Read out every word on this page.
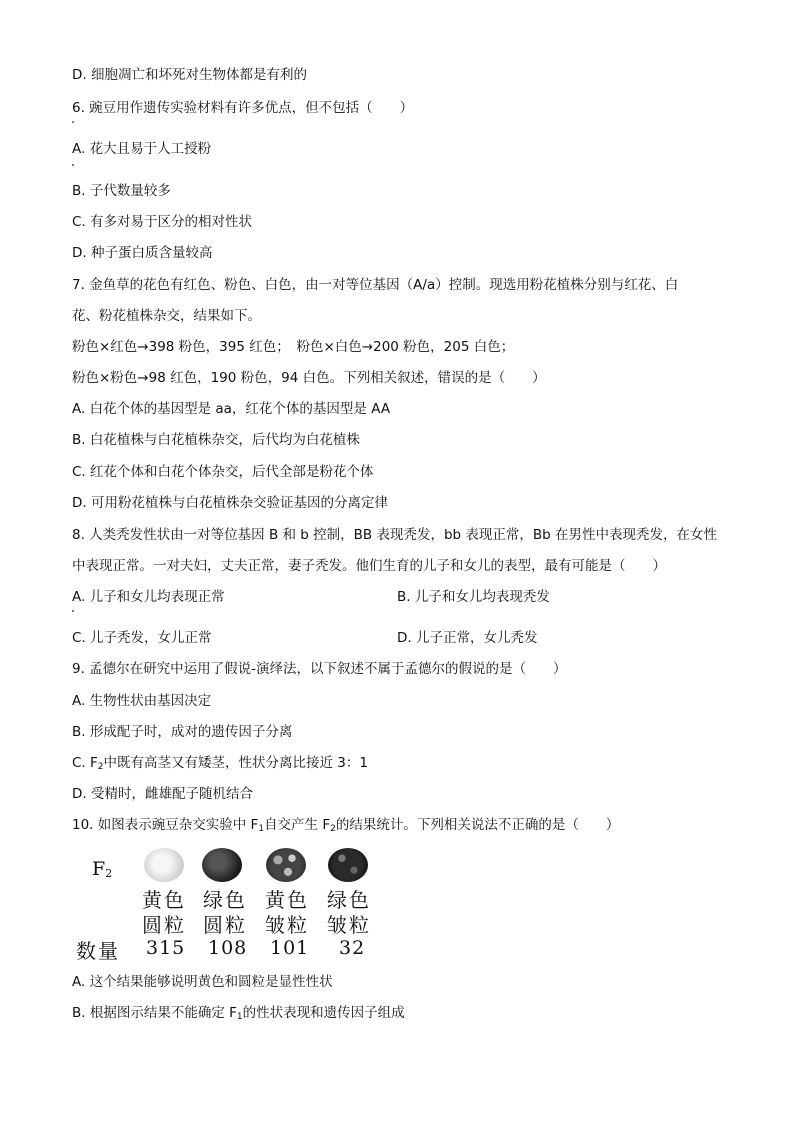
D. 细胞凋亡和坏死对生物体都是有利的
6. 豌豆用作遗传实验材料有许多优点，但不包括（　　）
A. 花大且易于人工授粉
B. 子代数量较多
C. 有多对易于区分的相对性状
D. 种子蛋白质含量较高
7. 金鱼草的花色有红色、粉色、白色，由一对等位基因（A/a）控制。现选用粉花植株分别与红花、白
花、粉花植株杂交，结果如下。
粉色×红色→398 粉色，395 红色；　粉色×白色→200 粉色，205 白色；
粉色×粉色→98 红色，190 粉色，94 白色。下列相关叙述，错误的是（　　）
A. 白花个体的基因型是 aa，红花个体的基因型是 AA
B. 白花植株与白花植株杂交，后代均为白花植株
C. 红花个体和白花个体杂交，后代全部是粉花个体
D. 可用粉花植株与白花植株杂交验证基因的分离定律
8. 人类秃发性状由一对等位基因 B 和 b 控制，BB 表现秃发，bb 表现正常，Bb 在男性中表现秃发，在女性
中表现正常。一对夫妇，丈夫正常，妻子秃发。他们生育的儿子和女儿的表型，最有可能是（　　）
A. 儿子和女儿均表现正常	B. 儿子和女儿均表现秃发
C. 儿子秃发，女儿正常	D. 儿子正常，女儿秃发
9. 孟德尔在研究中运用了假说-演绎法，以下叙述不属于孟德尔的假说的是（　　）
A. 生物性状由基因决定
B. 形成配子时，成对的遗传因子分离
C. $F_2$中既有高茎又有矮茎，性状分离比接近 3：1
D. 受精时，雌雄配子随机结合
10. 如图表示豌豆杂交实验中 $F_1$自交产生 $F_2$的结果统计。下列相关说法不正确的是（　　）
$F_2$
黄色 绿色 黄色 绿色
圆粒 圆粒 皱粒 皱粒
数量 315 108 101 32
A. 这个结果能够说明黄色和圆粒是显性性状
B. 根据图示结果不能确定 $F_1$的性状表现和遗传因子组成
